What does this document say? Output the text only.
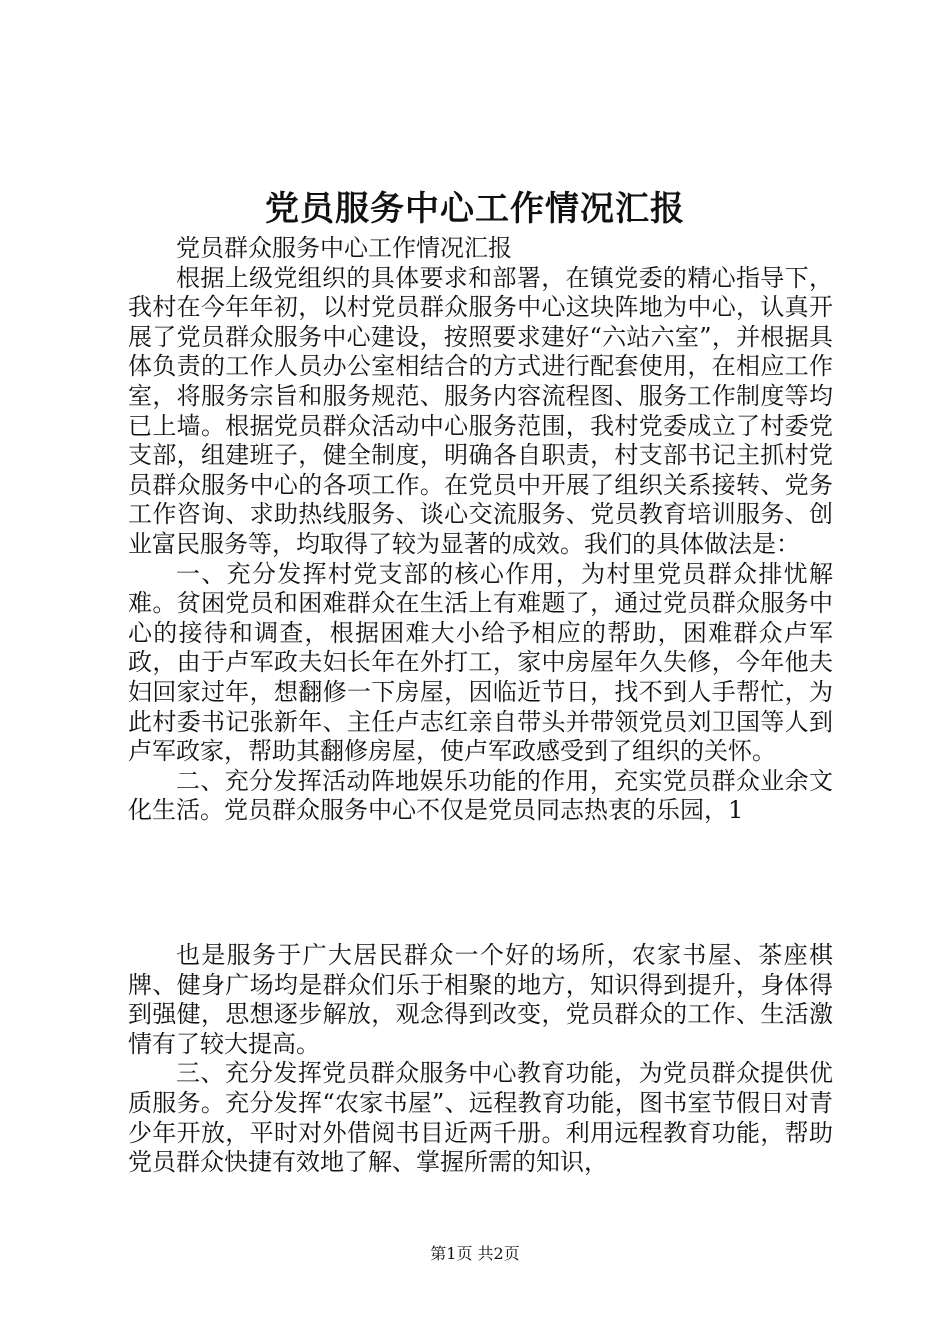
党员服务中心工作情况汇报

党员群众服务中心工作情况汇报

根据上级党组织的具体要求和部署，在镇党委的精心指导下，我村在今年年初，以村党员群众服务中心这块阵地为中心，认真开展了党员群众服务中心建设，按照要求建好“六站六室”，并根据具体负责的工作人员办公室相结合的方式进行配套使用，在相应工作室，将服务宗旨和服务规范、服务内容流程图、服务工作制度等均已上墙。根据党员群众活动中心服务范围，我村党委成立了村委党支部，组建班子，健全制度，明确各自职责，村支部书记主抓村党员群众服务中心的各项工作。在党员中开展了组织关系接转、党务工作咨询、求助热线服务、谈心交流服务、党员教育培训服务、创业富民服务等，均取得了较为显著的成效。我们的具体做法是：

一、充分发挥村党支部的核心作用，为村里党员群众排忧解难。贫困党员和困难群众在生活上有难题了，通过党员群众服务中心的接待和调查，根据困难大小给予相应的帮助，困难群众卢军政，由于卢军政夫妇长年在外打工，家中房屋年久失修，今年他夫妇回家过年，想翻修一下房屋，因临近节日，找不到人手帮忙，为此村委书记张新年、主任卢志红亲自带头并带领党员刘卫国等人到卢军政家，帮助其翻修房屋，使卢军政感受到了组织的关怀。

二、充分发挥活动阵地娱乐功能的作用，充实党员群众业余文化生活。党员群众服务中心不仅是党员同志热衷的乐园，1

也是服务于广大居民群众一个好的场所，农家书屋、茶座棋牌、健身广场均是群众们乐于相聚的地方，知识得到提升，身体得到强健，思想逐步解放，观念得到改变，党员群众的工作、生活激情有了较大提高。

三、充分发挥党员群众服务中心教育功能，为党员群众提供优质服务。充分发挥“农家书屋”、远程教育功能，图书室节假日对青少年开放，平时对外借阅书目近两千册。利用远程教育功能，帮助党员群众快捷有效地了解、掌握所需的知识，

第1页 共2页
